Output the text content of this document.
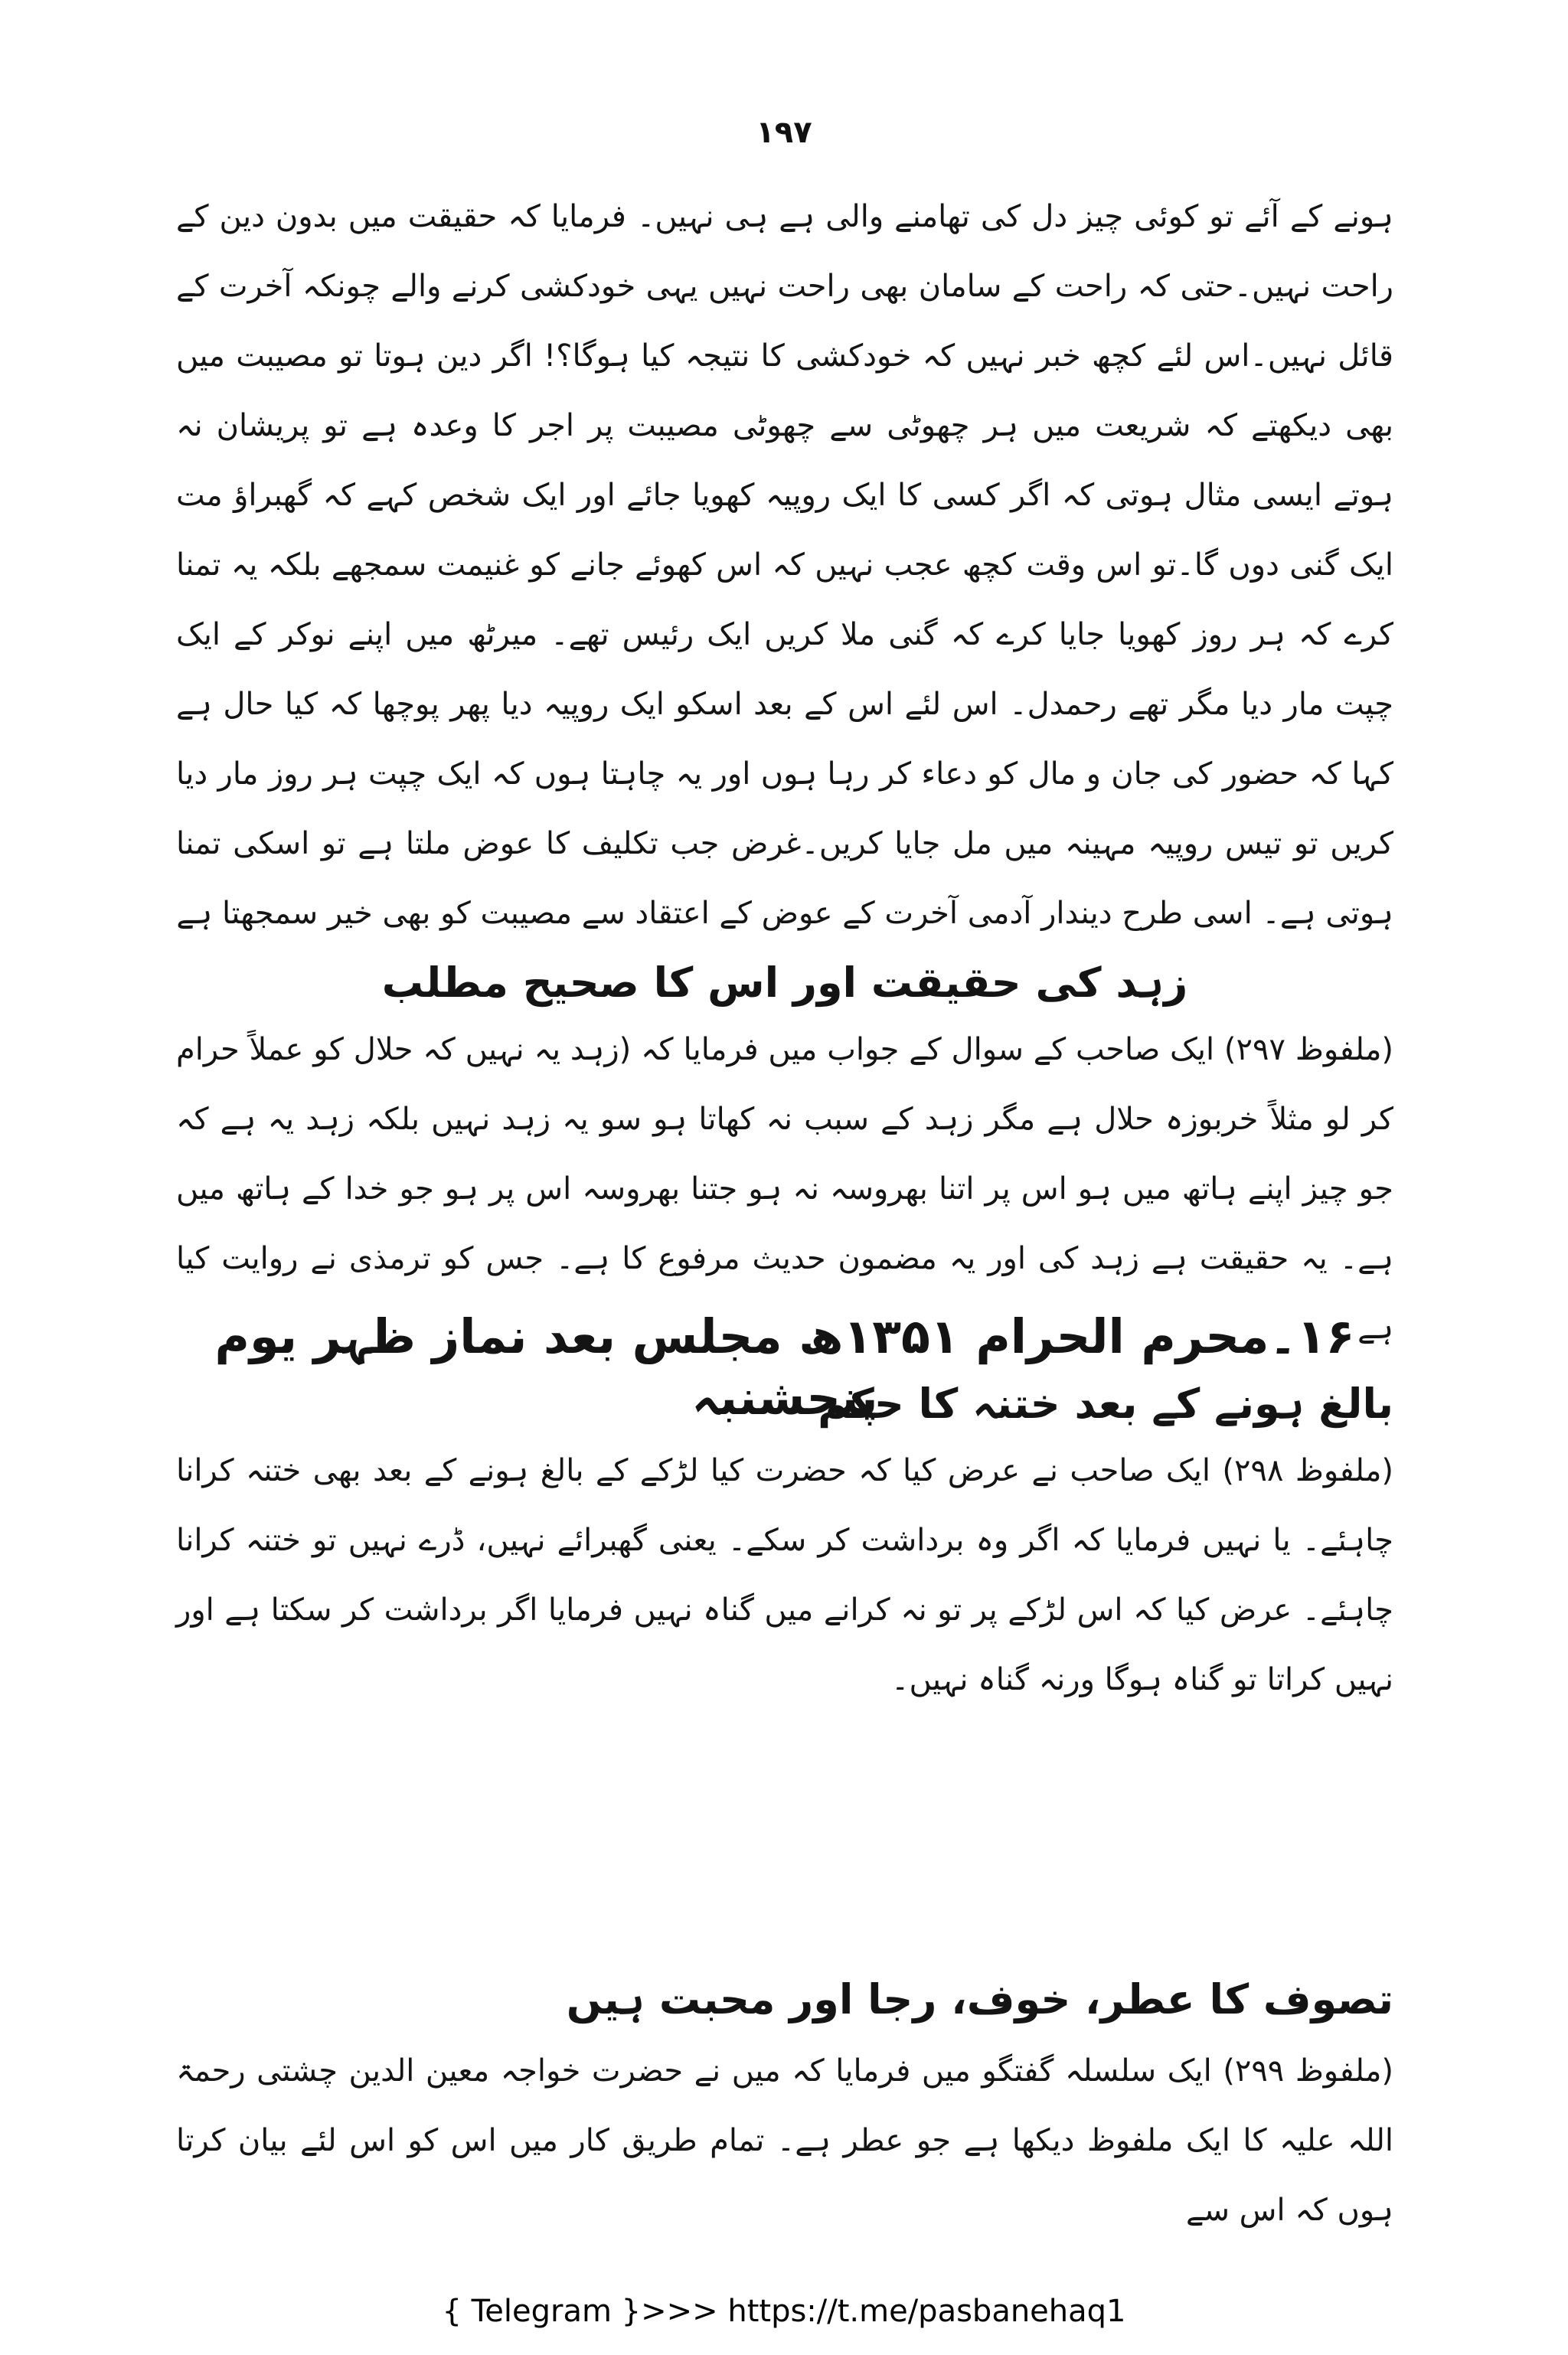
۱۹۷

ہونے کے آئے تو کوئی چیز دل کی تھامنے والی ہے ہی نہیں۔ فرمایا کہ حقیقت میں بدون دین کے راحت نہیں۔حتی کہ راحت کے سامان بھی راحت نہیں یہی خودکشی کرنے والے چونکہ آخرت کے قائل نہیں۔اس لئے کچھ خبر نہیں کہ خودکشی کا نتیجہ کیا ہوگا؟! اگر دین ہوتا تو مصیبت میں بھی دیکھتے کہ شریعت میں ہر چھوٹی سے چھوٹی مصیبت پر اجر کا وعدہ ہے تو پریشان نہ ہوتے ایسی مثال ہوتی کہ اگر کسی کا ایک روپیہ کھویا جائے اور ایک شخص کہے کہ گھبراؤ مت ایک گنی دوں گا۔تو اس وقت کچھ عجب نہیں کہ اس کھوئے جانے کو غنیمت سمجھے بلکہ یہ تمنا کرے کہ ہر روز کھویا جایا کرے کہ گنی ملا کریں ایک رئیس تھے۔ میرٹھ میں اپنے نوکر کے ایک چپت مار دیا مگر تھے رحمدل۔ اس لئے اس کے بعد اسکو ایک روپیہ دیا پھر پوچھا کہ کیا حال ہے کہا کہ حضور کی جان و مال کو دعاء کر رہا ہوں اور یہ چاہتا ہوں کہ ایک چپت ہر روز مار دیا کریں تو تیس روپیہ مہینہ میں مل جایا کریں۔غرض جب تکلیف کا عوض ملتا ہے تو اسکی تمنا ہوتی ہے۔ اسی طرح دیندار آدمی آخرت کے عوض کے اعتقاد سے مصیبت کو بھی خیر سمجھتا ہے

زہد کی حقیقت اور اس کا صحیح مطلب

(ملفوظ ۲۹۷) ایک صاحب کے سوال کے جواب میں فرمایا کہ (زہد یہ نہیں کہ حلال کو عملاً حرام کر لو مثلاً خربوزہ حلال ہے مگر زہد کے سبب نہ کھاتا ہو سو یہ زہد نہیں بلکہ زہد یہ ہے کہ جو چیز اپنے ہاتھ میں ہو اس پر اتنا بھروسہ نہ ہو جتنا بھروسہ اس پر ہو جو خدا کے ہاتھ میں ہے۔ یہ حقیقت ہے زہد کی اور یہ مضمون حدیث مرفوع کا ہے۔ جس کو ترمذی نے روایت کیا ہے

۱۶۔محرم الحرام ۱۳۵۱ھ مجلس بعد نماز ظہر یوم پنجشنبہ

بالغ ہونے کے بعد ختنہ کا حکم

(ملفوظ ۲۹۸) ایک صاحب نے عرض کیا کہ حضرت کیا لڑکے کے بالغ ہونے کے بعد بھی ختنہ کرانا چاہئے۔ یا نہیں فرمایا کہ اگر وہ برداشت کر سکے۔ یعنی گھبرائے نہیں، ڈرے نہیں تو ختنہ کرانا چاہئے۔ عرض کیا کہ اس لڑکے پر تو نہ کرانے میں گناہ نہیں فرمایا اگر برداشت کر سکتا ہے اور نہیں کراتا تو گناہ ہوگا ورنہ گناہ نہیں۔

تصوف کا عطر، خوف، رجا اور محبت ہیں

(ملفوظ ۲۹۹) ایک سلسلہ گفتگو میں فرمایا کہ میں نے حضرت خواجہ معین الدین چشتی رحمۃ اللہ علیہ کا ایک ملفوظ دیکھا ہے جو عطر ہے۔ تمام طریق کار میں اس کو اس لئے بیان کرتا ہوں کہ اس سے

{ Telegram }>>> https://t.me/pasbanehaq1
